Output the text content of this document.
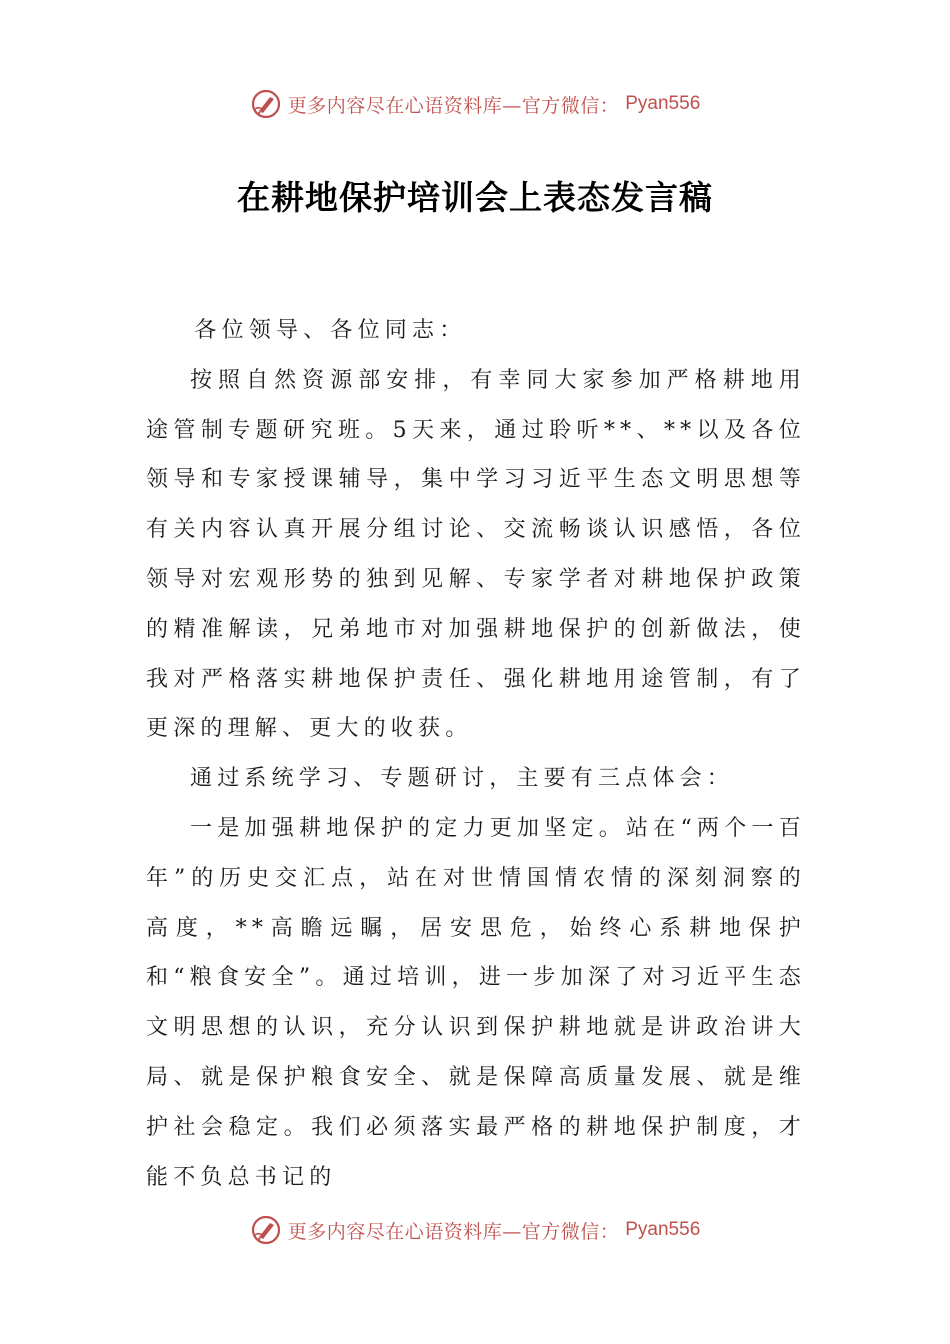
更多内容尽在心语资料库—官方微信： Pyan556
在耕地保护培训会上表态发言稿

各位领导、各位同志：

按照自然资源部安排，有幸同大家参加严格耕地用途管制专题研究班。5天来，通过聆听**、**以及各位领导和专家授课辅导，集中学习习近平生态文明思想等有关内容认真开展分组讨论、交流畅谈认识感悟，各位领导对宏观形势的独到见解、专家学者对耕地保护政策的精准解读，兄弟地市对加强耕地保护的创新做法，使我对严格落实耕地保护责任、强化耕地用途管制，有了更深的理解、更大的收获。

通过系统学习、专题研讨，主要有三点体会：

一是加强耕地保护的定力更加坚定。站在“两个一百年”的历史交汇点，站在对世情国情农情的深刻洞察的高度，**高瞻远瞩，居安思危，始终心系耕地保护和“粮食安全”。通过培训，进一步加深了对习近平生态文明思想的认识，充分认识到保护耕地就是讲政治讲大局、就是保护粮食安全、就是保障高质量发展、就是维护社会稳定。我们必须落实最严格的耕地保护制度，才能不负总书记的

更多内容尽在心语资料库—官方微信： Pyan556
